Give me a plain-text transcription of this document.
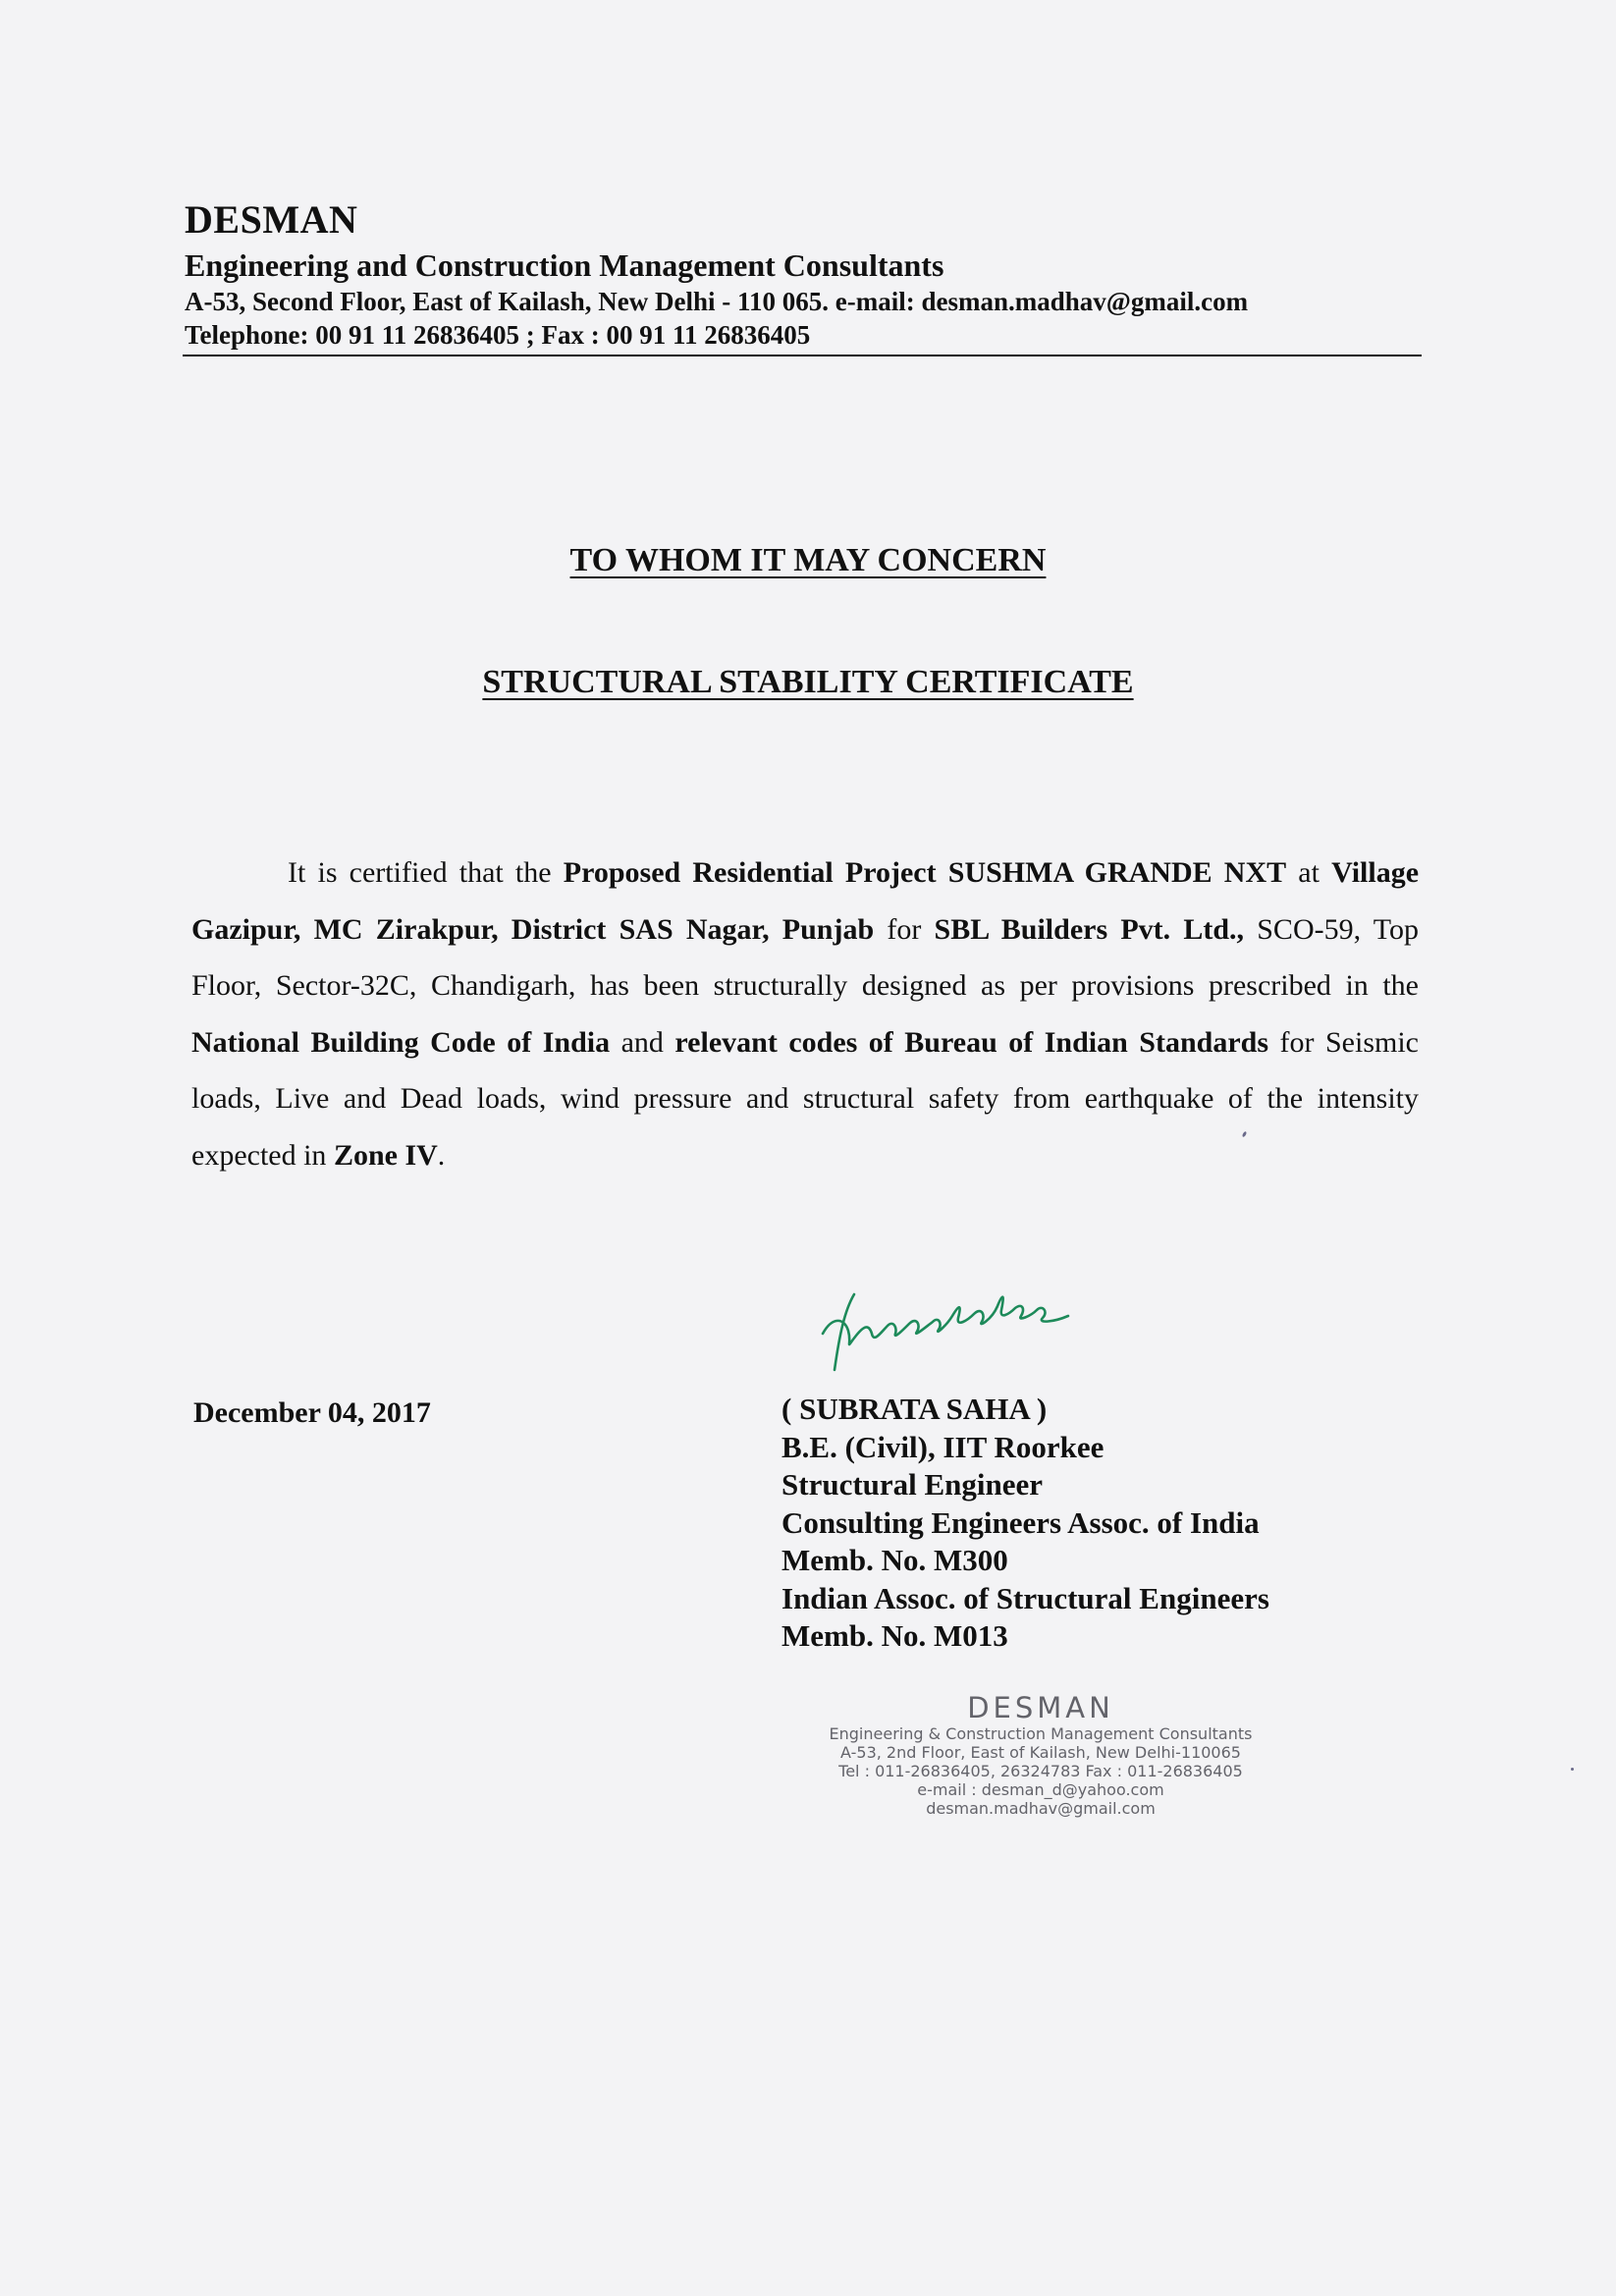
DESMAN
Engineering and Construction Management Consultants
A-53, Second Floor, East of Kailash, New Delhi - 110 065. e-mail: desman.madhav@gmail.com
Telephone: 00 91 11 26836405 ; Fax : 00 91 11 26836405
TO WHOM IT MAY CONCERN
STRUCTURAL STABILITY CERTIFICATE

It is certified that the Proposed Residential Project SUSHMA GRANDE NXT at Village Gazipur, MC Zirakpur, District SAS Nagar, Punjab for SBL Builders Pvt. Ltd., SCO-59, Top Floor, Sector-32C, Chandigarh, has been structurally designed as per provisions prescribed in the National Building Code of India and relevant codes of Bureau of Indian Standards for Seismic loads, Live and Dead loads, wind pressure and structural safety from earthquake of the intensity expected in Zone IV.

December 04, 2017	( SUBRATA SAHA )
B.E. (Civil), IIT Roorkee
Structural Engineer
Consulting Engineers Assoc. of India
Memb. No. M300
Indian Assoc. of Structural Engineers
Memb. No. M013
DESMAN
Engineering & Construction Management Consultants
A-53, 2nd Floor, East of Kailash, New Delhi-110065
Tel : 011-26836405, 26324783 Fax : 011-26836405
e-mail : desman_d@yahoo.com
desman.madhav@gmail.com
